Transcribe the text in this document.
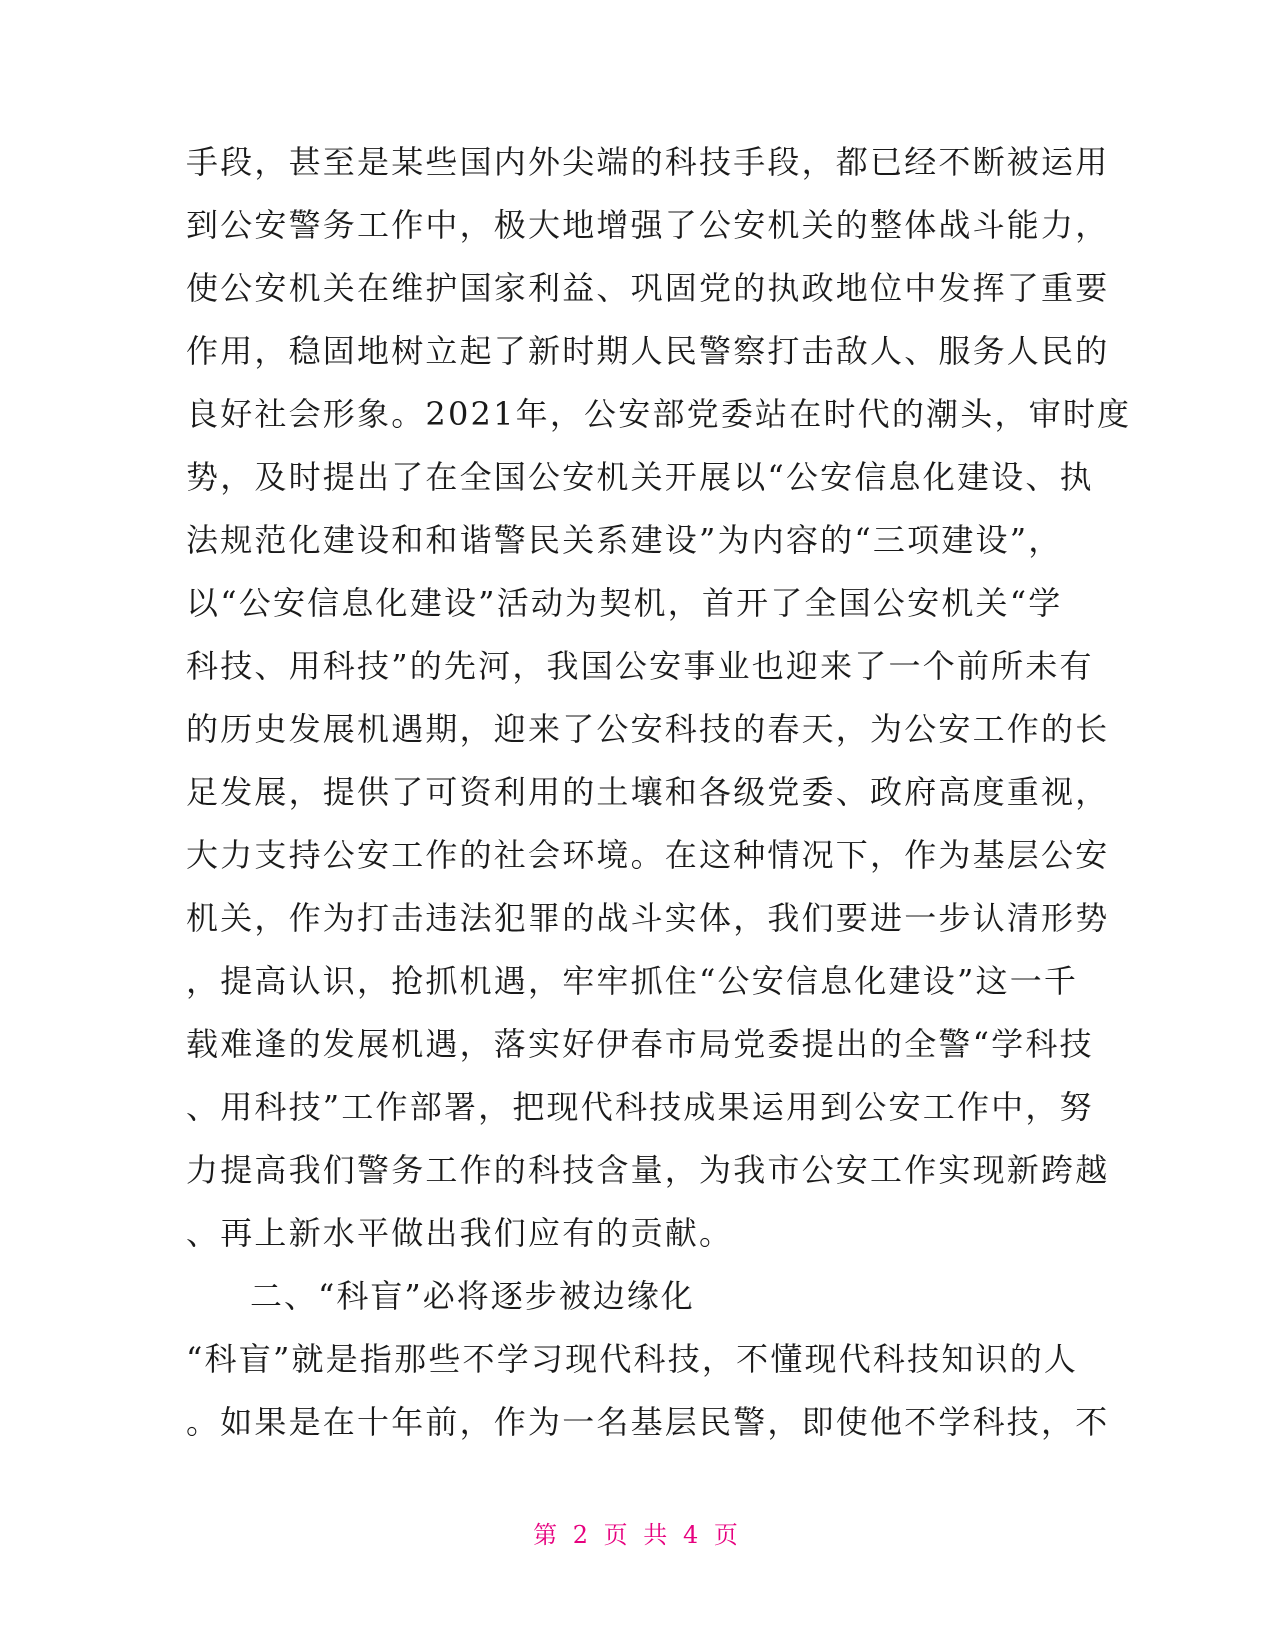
手段，甚至是某些国内外尖端的科技手段，都已经不断被运用
到公安警务工作中，极大地增强了公安机关的整体战斗能力，
使公安机关在维护国家利益、巩固党的执政地位中发挥了重要
作用，稳固地树立起了新时期人民警察打击敌人、服务人民的
良好社会形象。2021年，公安部党委站在时代的潮头，审时度
势，及时提出了在全国公安机关开展以“公安信息化建设、执
法规范化建设和和谐警民关系建设”为内容的“三项建设”，
以“公安信息化建设”活动为契机，首开了全国公安机关“学
科技、用科技”的先河，我国公安事业也迎来了一个前所未有
的历史发展机遇期，迎来了公安科技的春天，为公安工作的长
足发展，提供了可资利用的土壤和各级党委、政府高度重视，
大力支持公安工作的社会环境。在这种情况下，作为基层公安
机关，作为打击违法犯罪的战斗实体，我们要进一步认清形势
，提高认识，抢抓机遇，牢牢抓住“公安信息化建设”这一千
载难逢的发展机遇，落实好伊春市局党委提出的全警“学科技
、用科技”工作部署，把现代科技成果运用到公安工作中，努
力提高我们警务工作的科技含量，为我市公安工作实现新跨越
、再上新水平做出我们应有的贡献。
二、“科盲”必将逐步被边缘化
“科盲”就是指那些不学习现代科技，不懂现代科技知识的人
。如果是在十年前，作为一名基层民警，即使他不学科技，不
第 2 页 共 4 页
